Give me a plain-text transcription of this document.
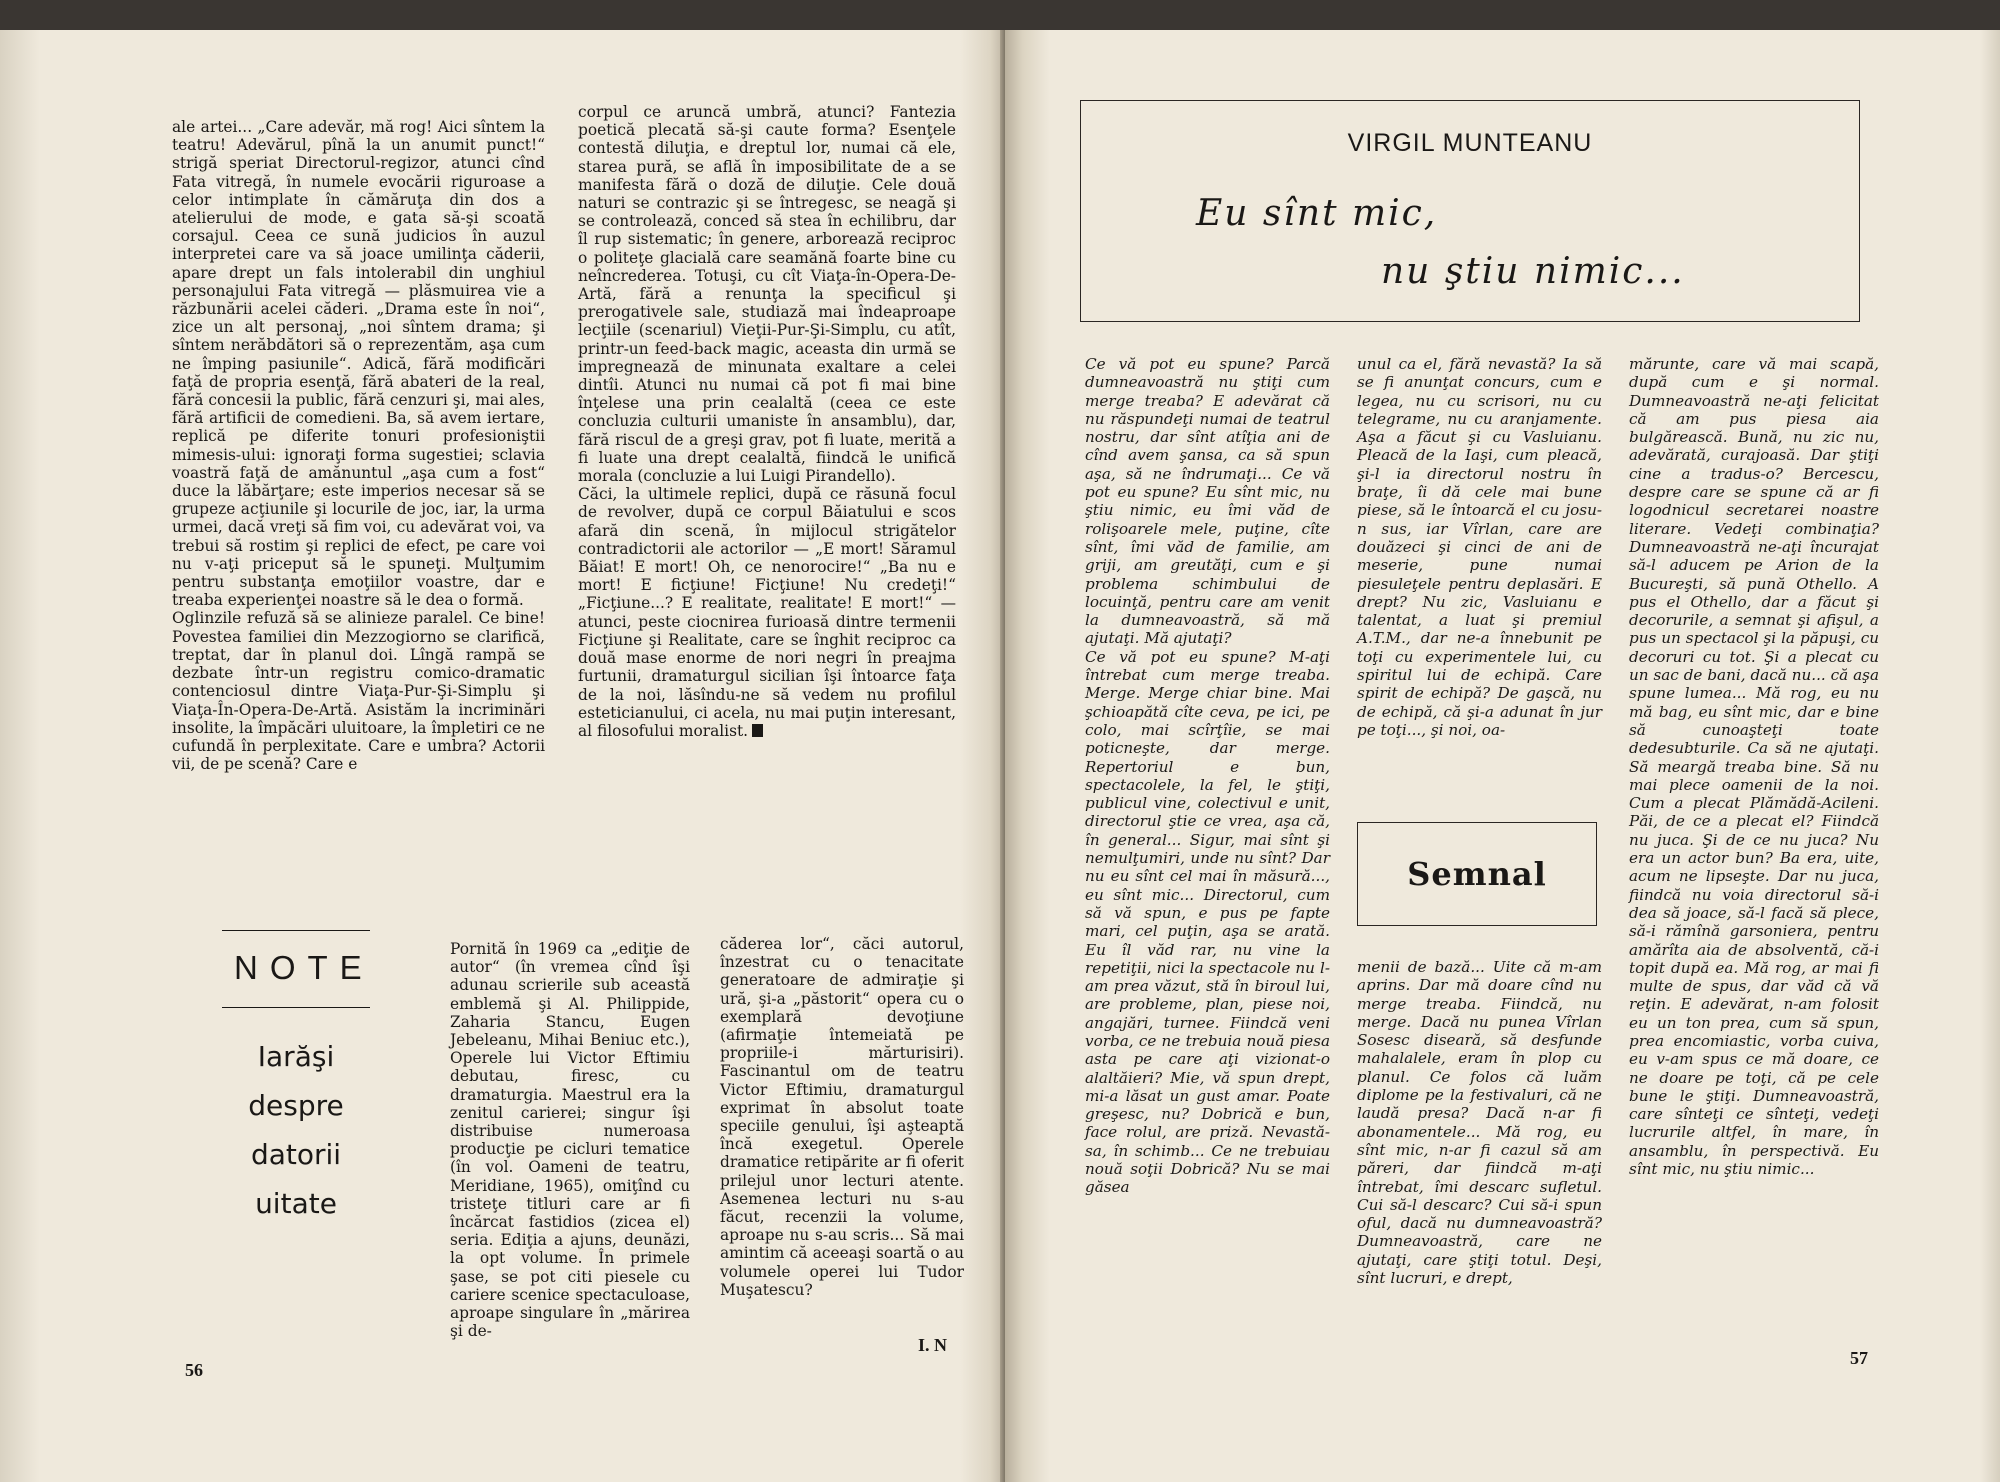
ale artei... „Care adevăr, mă rog! Aici sîntem la teatru! Adevărul, pînă la un anumit punct!“ strigă speriat Directorul-regizor, atunci cînd Fata vitregă, în numele evocării riguroase a celor intimplate în cămăruţa din dos a atelierului de mode, e gata să-şi scoată corsajul. Ceea ce sună judicios în auzul interpretei care va să joace umilinţa căderii, apare drept un fals intolerabil din unghiul personajului Fata vitregă — plăsmuirea vie a răzbunării acelei căderi. „Drama este în noi“, zice un alt personaj, „noi sîntem drama; şi sîntem nerăbdători să o reprezentăm, aşa cum ne împing pasiunile“. Adică, fără modificări faţă de propria esenţă, fără abateri de la real, fără concesii la public, fără cenzuri şi, mai ales, fără artificii de comedieni. Ba, să avem iertare, replică pe diferite tonuri profesioniştii mimesis-ului: ignoraţi forma sugestiei; sclavia voastră faţă de amănuntul „aşa cum a fost“ duce la lăbărţare; este imperios necesar să se grupeze acţiunile şi locurile de joc, iar, la urma urmei, dacă vreţi să fim voi, cu adevărat voi, va trebui să rostim şi replici de efect, pe care voi nu v-aţi priceput să le spuneţi. Mulţumim pentru substanţa emoţiilor voastre, dar e treaba experienţei noastre să le dea o formă.
Oglinzile refuză să se alinieze paralel. Ce bine! Povestea familiei din Mezzogiorno se clarifică, treptat, dar în planul doi. Lîngă rampă se dezbate într-un registru comico-dramatic contenciosul dintre Viaţa-Pur-Şi-Simplu şi Viaţa-În-Opera-De-Artă. Asistăm la incriminări insolite, la împăcări uluitoare, la împletiri ce ne cufundă în perplexitate. Care e umbra? Actorii vii, de pe scenă? Care e

corpul ce aruncă umbră, atunci? Fantezia poetică plecată să-şi caute forma? Esenţele contestă diluţia, e dreptul lor, numai că ele, starea pură, se află în imposibilitate de a se manifesta fără o doză de diluţie. Cele două naturi se contrazic şi se întregesc, se neagă şi se controlează, conced să stea în echilibru, dar îl rup sistematic; în genere, arborează reciproc o politeţe glacială care seamănă foarte bine cu neîncrederea. Totuşi, cu cît Viaţa-în-Opera-De-Artă, fără a renunţa la specificul şi prerogativele sale, studiază mai îndeaproape lecţiile (scenariul) Vieţii-Pur-Şi-Simplu, cu atît, printr-un feed-back magic, aceasta din urmă se impregnează de minunata exaltare a celei dintîi. Atunci nu numai că pot fi mai bine înţelese una prin cealaltă (ceea ce este concluzia culturii umaniste în ansamblu), dar, fără riscul de a greşi grav, pot fi luate, merită a fi luate una drept cealaltă, fiindcă le unifică morala (concluzie a lui Luigi Pirandello).
Căci, la ultimele replici, după ce răsună focul de revolver, după ce corpul Băiatului e scos afară din scenă, în mijlocul strigătelor contradictorii ale actorilor — „E mort! Săramul Băiat! E mort! Oh, ce nenorocire!“ „Ba nu e mort! E ficţiune! Ficţiune! Nu credeţi!“ „Ficţiune...? E realitate, realitate! E mort!“ — atunci, peste ciocnirea furioasă dintre termenii Ficţiune şi Realitate, care se înghit reciproc ca două mase enorme de nori negri în preajma furtunii, dramaturgul sicilian îşi întoarce faţa de la noi, lăsîndu-ne să vedem nu profilul esteticianului, ci acela, nu mai puţin interesant, al filosofului moralist.
NOTE
Iarăşi
despre
datorii
uitate

Pornită în 1969 ca „ediţie de autor“ (în vremea cînd îşi adunau scrierile sub această emblemă şi Al. Philippide, Zaharia Stancu, Eugen Jebeleanu, Mihai Beniuc etc.), Operele lui Victor Eftimiu debutau, firesc, cu dramaturgia. Maestrul era la zenitul carierei; singur îşi distribuise numeroasa producţie pe cicluri tematice (în vol. Oameni de teatru, Meridiane, 1965), omiţînd cu tristeţe titluri care ar fi încărcat fastidios (zicea el) seria. Ediţia a ajuns, deunăzi, la opt volume. În primele şase, se pot citi piesele cu cariere scenice spectaculoase, aproape singulare în „mărirea şi de-

căderea lor“, căci autorul, înzestrat cu o tenacitate generatoare de admiraţie şi ură, şi-a „păstorit“ opera cu o exemplară devoţiune (afirmaţie întemeiată pe propriile-i mărturisiri). Fascinantul om de teatru Victor Eftimiu, dramaturgul exprimat în absolut toate speciile genului, îşi aşteaptă încă exegetul. Operele dramatice retipărite ar fi oferit prilejul unor lecturi atente. Asemenea lecturi nu s-au făcut, recenzii la volume, aproape nu s-au scris... Să mai amintim că aceeaşi soartă o au volumele operei lui Tudor Muşatescu?

I. N
56
VIRGIL MUNTEANU
Eu sînt mic,
nu ştiu nimic...

Ce vă pot eu spune? Parcă dumneavoastră nu ştiţi cum merge treaba? E adevărat că nu răspundeţi numai de teatrul nostru, dar sînt atîţia ani de cînd avem şansa, ca să spun aşa, să ne îndrumaţi... Ce vă pot eu spune? Eu sînt mic, nu ştiu nimic, eu îmi văd de rolişoarele mele, puţine, cîte sînt, îmi văd de familie, am griji, am greutăţi, cum e şi problema schimbului de locuinţă, pentru care am venit la dumneavoastră, să mă ajutaţi. Mă ajutaţi?
Ce vă pot eu spune? M-aţi întrebat cum merge treaba. Merge. Merge chiar bine. Mai şchioapătă cîte ceva, pe ici, pe colo, mai scîrţîie, se mai poticneşte, dar merge. Repertoriul e bun, spectacolele, la fel, le ştiţi, publicul vine, colectivul e unit, directorul ştie ce vrea, aşa că, în general... Sigur, mai sînt şi nemulţumiri, unde nu sînt? Dar nu eu sînt cel mai în măsură..., eu sînt mic... Directorul, cum să vă spun, e pus pe fapte mari, cel puţin, aşa se arată. Eu îl văd rar, nu vine la repetiţii, nici la spectacole nu l-am prea văzut, stă în biroul lui, are probleme, plan, piese noi, angajări, turnee. Fiindcă veni vorba, ce ne trebuia nouă piesa asta pe care aţi vizionat-o alaltăieri? Mie, vă spun drept, mi-a lăsat un gust amar. Poate greşesc, nu? Dobrică e bun, face rolul, are priză. Nevastă-sa, în schimb... Ce ne trebuiau nouă soţii Dobrică? Nu se mai găsea

unul ca el, fără nevastă? Ia să se fi anunţat concurs, cum e legea, nu cu scrisori, nu cu telegrame, nu cu aranjamente. Aşa a făcut şi cu Vasluianu. Pleacă de la Iaşi, cum pleacă, şi-l ia directorul nostru în braţe, îi dă cele mai bune piese, să le întoarcă el cu josu-n sus, iar Vîrlan, care are douăzeci şi cinci de ani de meserie, pune numai piesuleţele pentru deplasări. E drept? Nu zic, Vasluianu e talentat, a luat şi premiul A.T.M., dar ne-a înnebunit pe toţi cu experimentele lui, cu spiritul lui de echipă. Care spirit de echipă? De gaşcă, nu de echipă, că şi-a adunat în jur pe toţi..., şi noi, oa-

Semnal

menii de bază... Uite că m-am aprins. Dar mă doare cînd nu merge treaba. Fiindcă, nu merge. Dacă nu punea Vîrlan Sosesc diseară, să desfunde mahalalele, eram în plop cu planul. Ce folos că luăm diplome pe la festivaluri, că ne laudă presa? Dacă n-ar fi abonamentele... Mă rog, eu sînt mic, n-ar fi cazul să am păreri, dar fiindcă m-aţi întrebat, îmi descarc sufletul. Cui să-l descarc? Cui să-i spun oful, dacă nu dumneavoastră? Dumneavoastră, care ne ajutaţi, care ştiţi totul. Deşi, sînt lucruri, e drept,

mărunte, care vă mai scapă, după cum e şi normal. Dumneavoastră ne-aţi felicitat că am pus piesa aia bulgărească. Bună, nu zic nu, adevărată, curajoasă. Dar ştiţi cine a tradus-o? Bercescu, despre care se spune că ar fi logodnicul secretarei noastre literare. Vedeţi combinaţia? Dumneavoastră ne-aţi încurajat să-l aducem pe Arion de la Bucureşti, să pună Othello. A pus el Othello, dar a făcut şi decorurile, a semnat şi afişul, a pus un spectacol şi la păpuşi, cu decoruri cu tot. Şi a plecat cu un sac de bani, dacă nu... că aşa spune lumea... Mă rog, eu nu mă bag, eu sînt mic, dar e bine să cunoaşteţi toate dedesubturile. Ca să ne ajutaţi. Să meargă treaba bine. Să nu mai plece oamenii de la noi. Cum a plecat Plămădă-Acileni. Păi, de ce a plecat el? Fiindcă nu juca. Şi de ce nu juca? Nu era un actor bun? Ba era, uite, acum ne lipseşte. Dar nu juca, fiindcă nu voia directorul să-i dea să joace, să-l facă să plece, să-i rămînă garsoniera, pentru amărîta aia de absolventă, că-i topit după ea. Mă rog, ar mai fi multe de spus, dar văd că vă reţin. E adevărat, n-am folosit eu un ton prea, cum să spun, prea encomiastic, vorba cuiva, eu v-am spus ce mă doare, ce ne doare pe toţi, că pe cele bune le ştiţi. Dumneavoastră, care sînteţi ce sînteţi, vedeţi lucrurile altfel, în mare, în ansamblu, în perspectivă. Eu sînt mic, nu ştiu nimic...

57
